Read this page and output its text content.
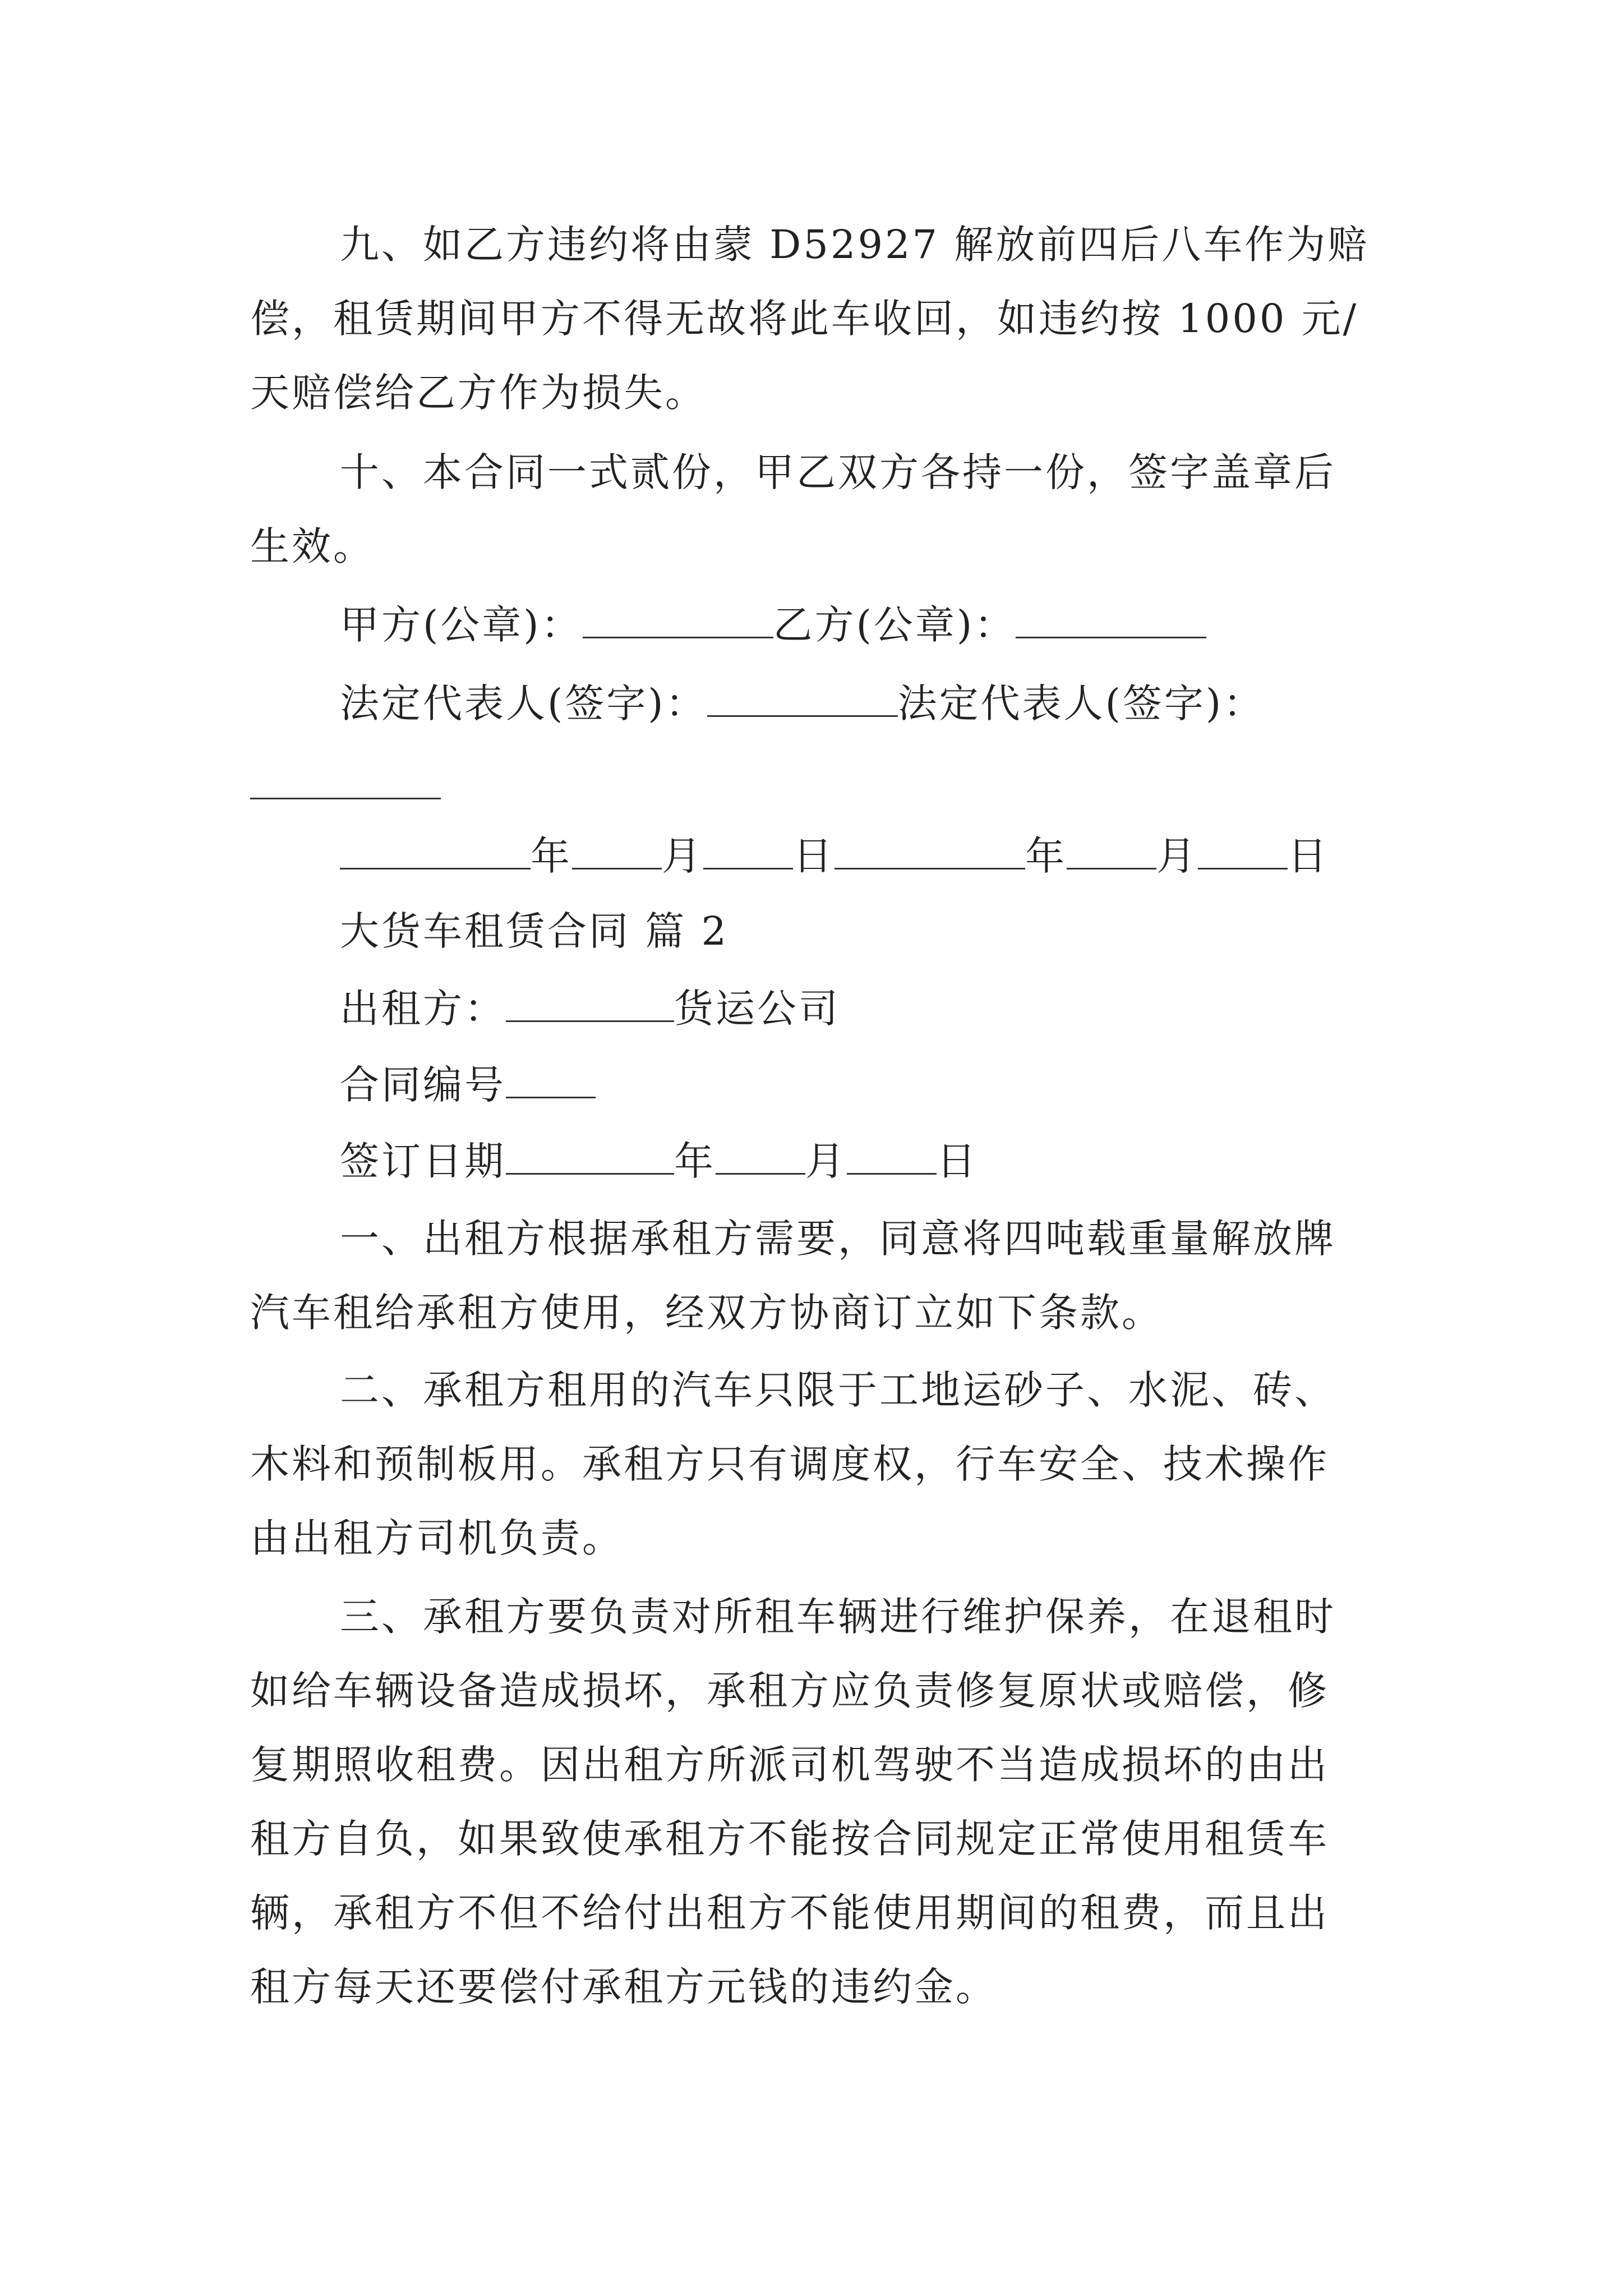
九、如乙方违约将由蒙 D52927 解放前四后八车作为赔
偿，租赁期间甲方不得无故将此车收回，如违约按 1000 元/
天赔偿给乙方作为损失。
十、本合同一式贰份，甲乙双方各持一份，签字盖章后
生效。
甲方(公章)：	乙方(公章)：
法定代表人(签字)：	法定代表人(签字)：
年 月 日	年 月 日
大货车租赁合同 篇 2
出租方：	货运公司
合同编号
签订日期	年 月 日
一、出租方根据承租方需要，同意将四吨载重量解放牌
汽车租给承租方使用，经双方协商订立如下条款。
二、承租方租用的汽车只限于工地运砂子、水泥、砖、
木料和预制板用。承租方只有调度权，行车安全、技术操作
由出租方司机负责。
三、承租方要负责对所租车辆进行维护保养，在退租时
如给车辆设备造成损坏，承租方应负责修复原状或赔偿，修
复期照收租费。因出租方所派司机驾驶不当造成损坏的由出
租方自负，如果致使承租方不能按合同规定正常使用租赁车
辆，承租方不但不给付出租方不能使用期间的租费，而且出
租方每天还要偿付承租方元钱的违约金。
